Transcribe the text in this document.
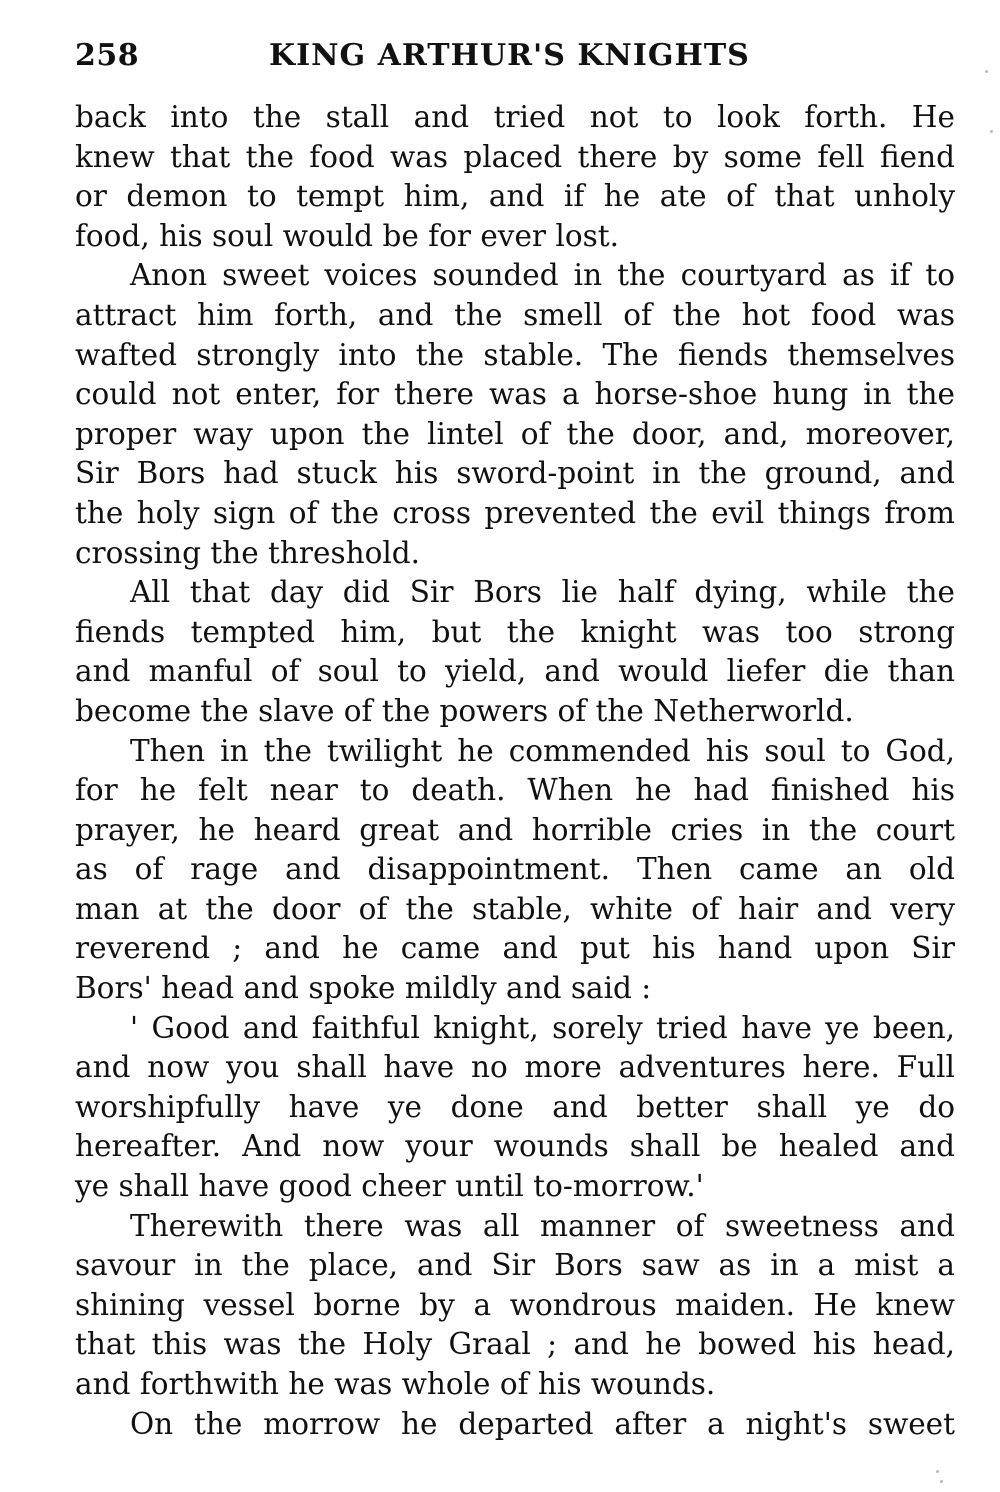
258	KING ARTHUR'S KNIGHTS
back into the stall and tried not to look forth. He
knew that the food was placed there by some fell fiend
or demon to tempt him, and if he ate of that unholy
food, his soul would be for ever lost.
Anon sweet voices sounded in the courtyard as if to
attract him forth, and the smell of the hot food was
wafted strongly into the stable. The fiends themselves
could not enter, for there was a horse-shoe hung in the
proper way upon the lintel of the door, and, moreover,
Sir Bors had stuck his sword-point in the ground, and
the holy sign of the cross prevented the evil things from
crossing the threshold.
All that day did Sir Bors lie half dying, while the
fiends tempted him, but the knight was too strong
and manful of soul to yield, and would liefer die than
become the slave of the powers of the Netherworld.
Then in the twilight he commended his soul to God,
for he felt near to death. When he had finished his
prayer, he heard great and horrible cries in the court
as of rage and disappointment. Then came an old
man at the door of the stable, white of hair and very
reverend ; and he came and put his hand upon Sir
Bors' head and spoke mildly and said :
' Good and faithful knight, sorely tried have ye been,
and now you shall have no more adventures here. Full
worshipfully have ye done and better shall ye do
hereafter. And now your wounds shall be healed and
ye shall have good cheer until to-morrow.'
Therewith there was all manner of sweetness and
savour in the place, and Sir Bors saw as in a mist a
shining vessel borne by a wondrous maiden. He knew
that this was the Holy Graal ; and he bowed his head,
and forthwith he was whole of his wounds.
On the morrow he departed after a night's sweet
